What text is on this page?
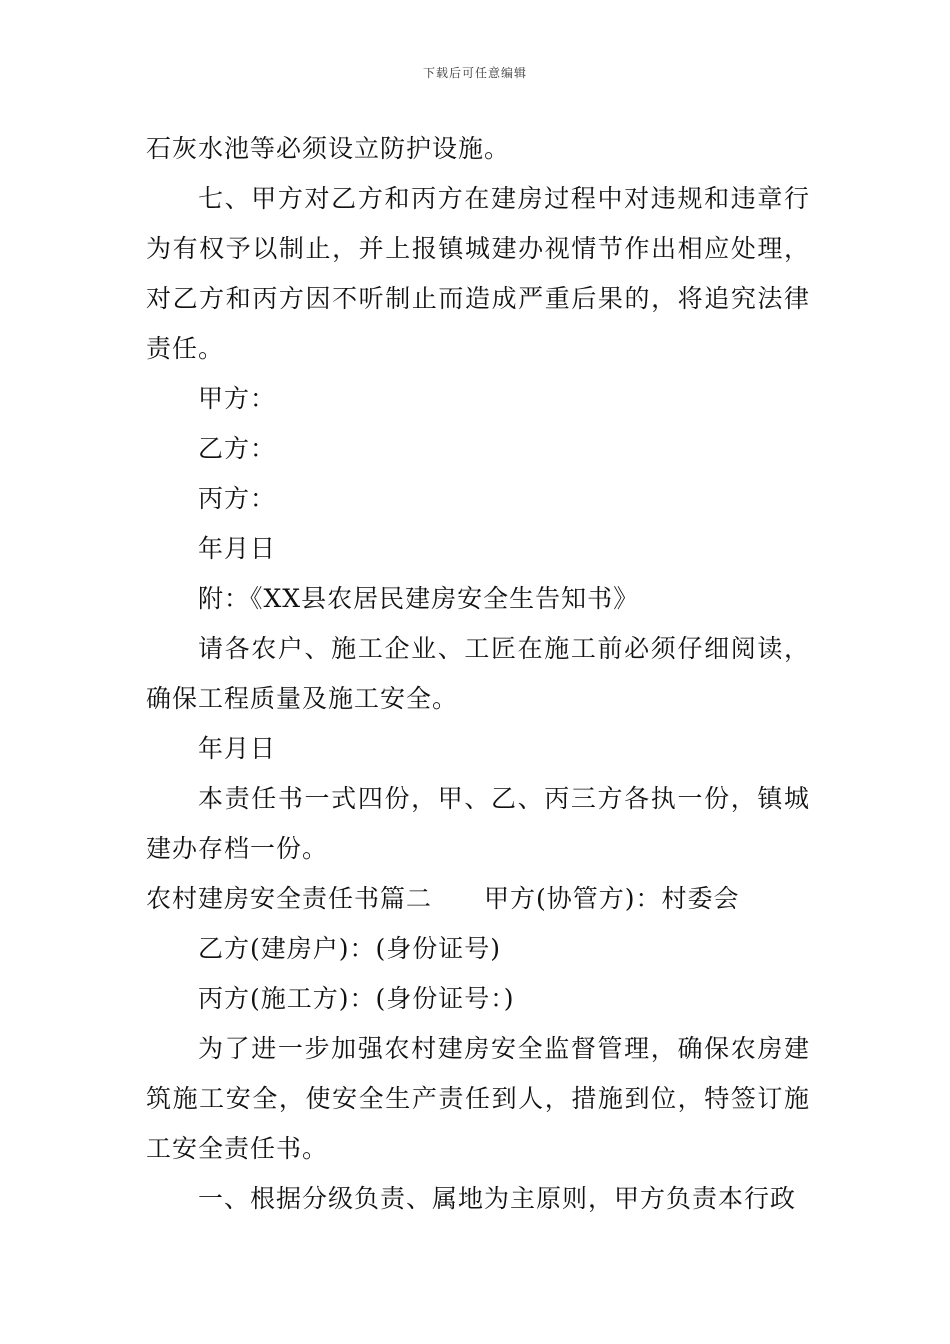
下载后可任意编辑

石灰水池等必须设立防护设施。

七、甲方对乙方和丙方在建房过程中对违规和违章行为有权予以制止，并上报镇城建办视情节作出相应处理，对乙方和丙方因不听制止而造成严重后果的，将追究法律责任。

甲方：

乙方：

丙方：

年月日

附：《XX县农居民建房安全生告知书》

请各农户、施工企业、工匠在施工前必须仔细阅读，确保工程质量及施工安全。

年月日

本责任书一式四份，甲、乙、丙三方各执一份，镇城建办存档一份。

农村建房安全责任书篇二 甲方(协管方)：村委会

乙方(建房户)：(身份证号)

丙方(施工方)：(身份证号：)

为了进一步加强农村建房安全监督管理，确保农房建筑施工安全，使安全生产责任到人，措施到位，特签订施工安全责任书。

一、根据分级负责、属地为主原则，甲方负责本行政
